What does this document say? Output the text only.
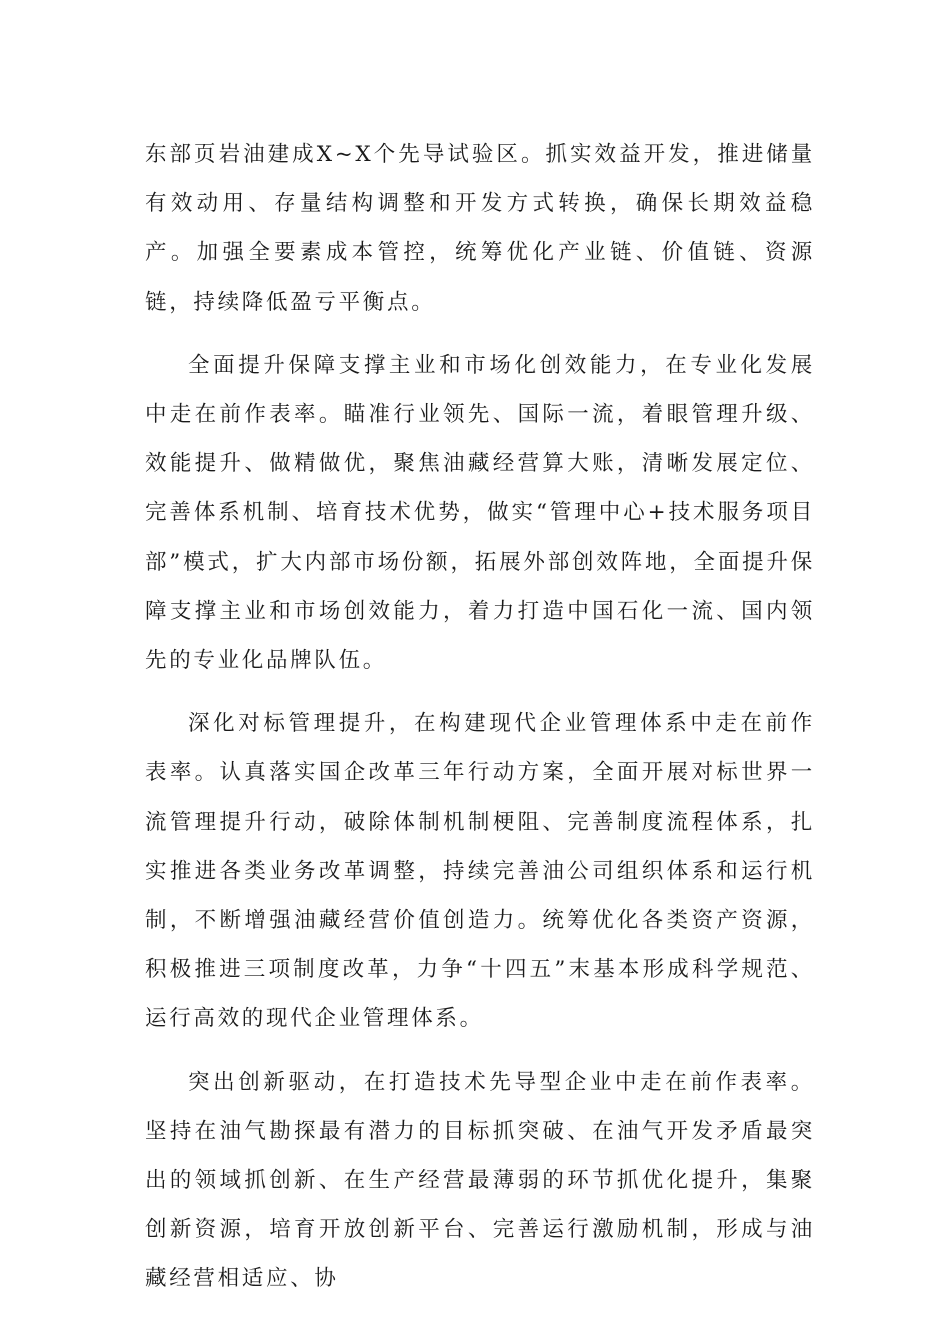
东部页岩油建成X~X个先导试验区。抓实效益开发，推进储量有效动用、存量结构调整和开发方式转换，确保长期效益稳产。加强全要素成本管控，统筹优化产业链、价值链、资源链，持续降低盈亏平衡点。

全面提升保障支撑主业和市场化创效能力，在专业化发展中走在前作表率。瞄准行业领先、国际一流，着眼管理升级、效能提升、做精做优，聚焦油藏经营算大账，清晰发展定位、完善体系机制、培育技术优势，做实“管理中心+技术服务项目部”模式，扩大内部市场份额，拓展外部创效阵地，全面提升保障支撑主业和市场创效能力，着力打造中国石化一流、国内领先的专业化品牌队伍。

深化对标管理提升，在构建现代企业管理体系中走在前作表率。认真落实国企改革三年行动方案，全面开展对标世界一流管理提升行动，破除体制机制梗阻、完善制度流程体系，扎实推进各类业务改革调整，持续完善油公司组织体系和运行机制，不断增强油藏经营价值创造力。统筹优化各类资产资源，积极推进三项制度改革，力争“十四五”末基本形成科学规范、运行高效的现代企业管理体系。

突出创新驱动，在打造技术先导型企业中走在前作表率。坚持在油气勘探最有潜力的目标抓突破、在油气开发矛盾最突出的领域抓创新、在生产经营最薄弱的环节抓优化提升，集聚创新资源，培育开放创新平台、完善运行激励机制，形成与油藏经营相适应、协
